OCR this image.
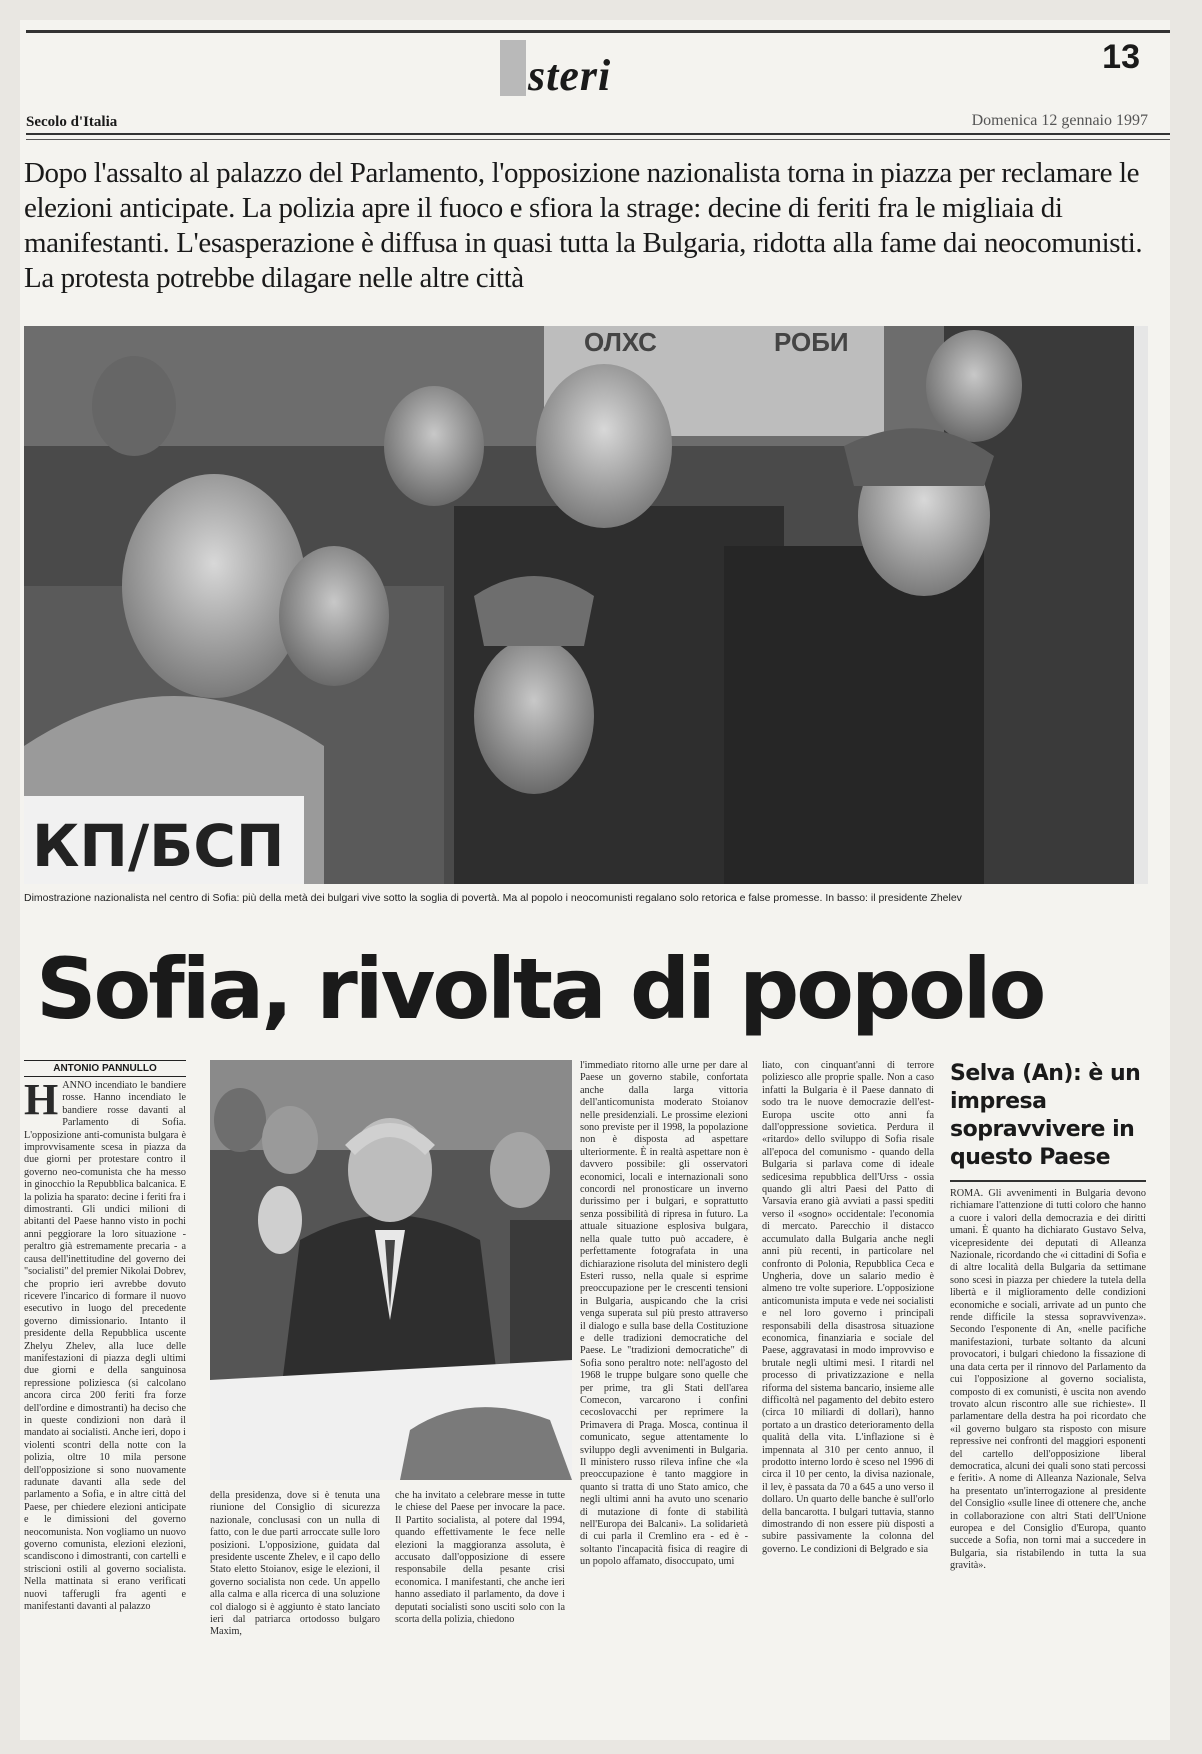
steri	13
Secolo d'Italia	Domenica 12 gennaio 1997
Dopo l'assalto al palazzo del Parlamento, l'opposizione nazionalista torna in piazza per reclamare le elezioni anticipate. La polizia apre il fuoco e sfiora la strage: decine di feriti fra le migliaia di manifestanti. L'esasperazione è diffusa in quasi tutta la Bulgaria, ridotta alla fame dai neocomunisti. La protesta potrebbe dilagare nelle altre città
ОЛХС	РОБИ
КП/БСП
Dimostrazione nazionalista nel centro di Sofia: più della metà dei bulgari vive sotto la soglia di povertà. Ma al popolo i neocomunisti regalano solo retorica e false promesse. In basso: il presidente Zhelev
Sofia, rivolta di popolo
ANTONIO PANNULLO
H ANNO incendiato le bandiere rosse. Hanno incendiato le bandiere rosse davanti al Parlamento di Sofia. L'opposizione anti-comunista bulgara è improvvisamente scesa in piazza da due giorni per protestare contro il governo neo-comunista che ha messo in ginocchio la Repubblica balcanica. E la polizia ha sparato: decine i feriti fra i dimostranti. Gli undici milioni di abitanti del Paese hanno visto in pochi anni peggiorare la loro situazione - peraltro già estremamente precaria - a causa dell'inettitudine del governo dei "socialisti" del premier Nikolai Dobrev, che proprio ieri avrebbe dovuto ricevere l'incarico di formare il nuovo esecutivo in luogo del precedente governo dimissionario. Intanto il presidente della Repubblica uscente Zhelyu Zhelev, alla luce delle manifestazioni di piazza degli ultimi due giorni e della sanguinosa repressione poliziesca (si calcolano ancora circa 200 feriti fra forze dell'ordine e dimostranti) ha deciso che in queste condizioni non darà il mandato ai socialisti. Anche ieri, dopo i violenti scontri della notte con la polizia, oltre 10 mila persone dell'opposizione si sono nuovamente radunate davanti alla sede del parlamento a Sofia, e in altre città del Paese, per chiedere elezioni anticipate e le dimissioni del governo neocomunista. Non vogliamo un nuovo governo comunista, elezioni elezioni, scandiscono i dimostranti, con cartelli e striscioni ostili al governo socialista. Nella mattinata si erano verificati nuovi tafferugli fra agenti e manifestanti davanti al palazzo
della presidenza, dove si è tenuta una riunione del Consiglio di sicurezza nazionale, conclusasi con un nulla di fatto, con le due parti arroccate sulle loro posizioni. L'opposizione, guidata dal presidente uscente Zhelev, e il capo dello Stato eletto Stoianov, esige le elezioni, il governo socialista non cede. Un appello alla calma e alla ricerca di una soluzione col dialogo si è aggiunto è stato lanciato ieri dal patriarca ortodosso bulgaro Maxim,
che ha invitato a celebrare messe in tutte le chiese del Paese per invocare la pace. Il Partito socialista, al potere dal 1994, quando effettivamente le fece nelle elezioni la maggioranza assoluta, è accusato dall'opposizione di essere responsabile della pesante crisi economica. I manifestanti, che anche ieri hanno assediato il parlamento, da dove i deputati socialisti sono usciti solo con la scorta della polizia, chiedono
l'immediato ritorno alle urne per dare al Paese un governo stabile, confortata anche dalla larga vittoria dell'anticomunista moderato Stoianov nelle presidenziali. Le prossime elezioni sono previste per il 1998, la popolazione non è disposta ad aspettare ulteriormente. È in realtà aspettare non è davvero possibile: gli osservatori economici, locali e internazionali sono concordi nel pronosticare un inverno durissimo per i bulgari, e soprattutto senza possibilità di ripresa in futuro. La attuale situazione esplosiva bulgara, nella quale tutto può accadere, è perfettamente fotografata in una dichiarazione risoluta del ministero degli Esteri russo, nella quale si esprime preoccupazione per le crescenti tensioni in Bulgaria, auspicando che la crisi venga superata sul più presto attraverso il dialogo e sulla base della Costituzione e delle tradizioni democratiche del Paese. Le "tradizioni democratiche" di Sofia sono peraltro note: nell'agosto del 1968 le truppe bulgare sono quelle che per prime, tra gli Stati dell'area Comecon, varcarono i confini cecoslovacchi per reprimere la Primavera di Praga. Mosca, continua il comunicato, segue attentamente lo sviluppo degli avvenimenti in Bulgaria. Il ministero russo rileva infine che «la preoccupazione è tanto maggiore in quanto si tratta di uno Stato amico, che negli ultimi anni ha avuto uno scenario di mutazione di fonte di stabilità nell'Europa dei Balcani». La solidarietà di cui parla il Cremlino era - ed è - soltanto l'incapacità fisica di reagire di un popolo affamato, disoccupato, umi
liato, con cinquant'anni di terrore poliziesco alle proprie spalle. Non a caso infatti la Bulgaria è il Paese dannato di sodo tra le nuove democrazie dell'est-Europa uscite otto anni fa dall'oppressione sovietica. Perdura il «ritardo» dello sviluppo di Sofia risale all'epoca del comunismo - quando della Bulgaria si parlava come di ideale sedicesima repubblica dell'Urss - ossia quando gli altri Paesi del Patto di Varsavia erano già avviati a passi spediti verso il «sogno» occidentale: l'economia di mercato. Parecchio il distacco accumulato dalla Bulgaria anche negli anni più recenti, in particolare nel confronto di Polonia, Repubblica Ceca e Ungheria, dove un salario medio è almeno tre volte superiore. L'opposizione anticomunista imputa e vede nei socialisti e nel loro governo i principali responsabili della disastrosa situazione economica, finanziaria e sociale del Paese, aggravatasi in modo improvviso e brutale negli ultimi mesi. I ritardi nel processo di privatizzazione e nella riforma del sistema bancario, insieme alle difficoltà nel pagamento del debito estero (circa 10 miliardi di dollari), hanno portato a un drastico deterioramento della qualità della vita. L'inflazione si è impennata al 310 per cento annuo, il prodotto interno lordo è sceso nel 1996 di circa il 10 per cento, la divisa nazionale, il lev, è passata da 70 a 645 a uno verso il dollaro. Un quarto delle banche è sull'orlo della bancarotta. I bulgari tuttavia, stanno dimostrando di non essere più disposti a subire passivamente la colonna del governo. Le condizioni di Belgrado e sia
Selva (An): è un impresa sopravvivere in questo Paese
ROMA. Gli avvenimenti in Bulgaria devono richiamare l'attenzione di tutti coloro che hanno a cuore i valori della democrazia e dei diritti umani. È quanto ha dichiarato Gustavo Selva, vicepresidente dei deputati di Alleanza Nazionale, ricordando che «i cittadini di Sofia e di altre località della Bulgaria da settimane sono scesi in piazza per chiedere la tutela della libertà e il miglioramento delle condizioni economiche e sociali, arrivate ad un punto che rende difficile la stessa sopravvivenza». Secondo l'esponente di An, «nelle pacifiche manifestazioni, turbate soltanto da alcuni provocatori, i bulgari chiedono la fissazione di una data certa per il rinnovo del Parlamento da cui l'opposizione al governo socialista, composto di ex comunisti, è uscita non avendo trovato alcun riscontro alle sue richieste». Il parlamentare della destra ha poi ricordato che «il governo bulgaro sta risposto con misure repressive nei confronti del maggiori esponenti del cartello dell'opposizione liberal democratica, alcuni dei quali sono stati percossi e feriti». A nome di Alleanza Nazionale, Selva ha presentato un'interrogazione al presidente del Consiglio «sulle linee di ottenere che, anche in collaborazione con altri Stati dell'Unione europea e del Consiglio d'Europa, quanto succede a Sofia, non torni mai a succedere in Bulgaria, sia ristabilendo in tutta la sua gravità».
